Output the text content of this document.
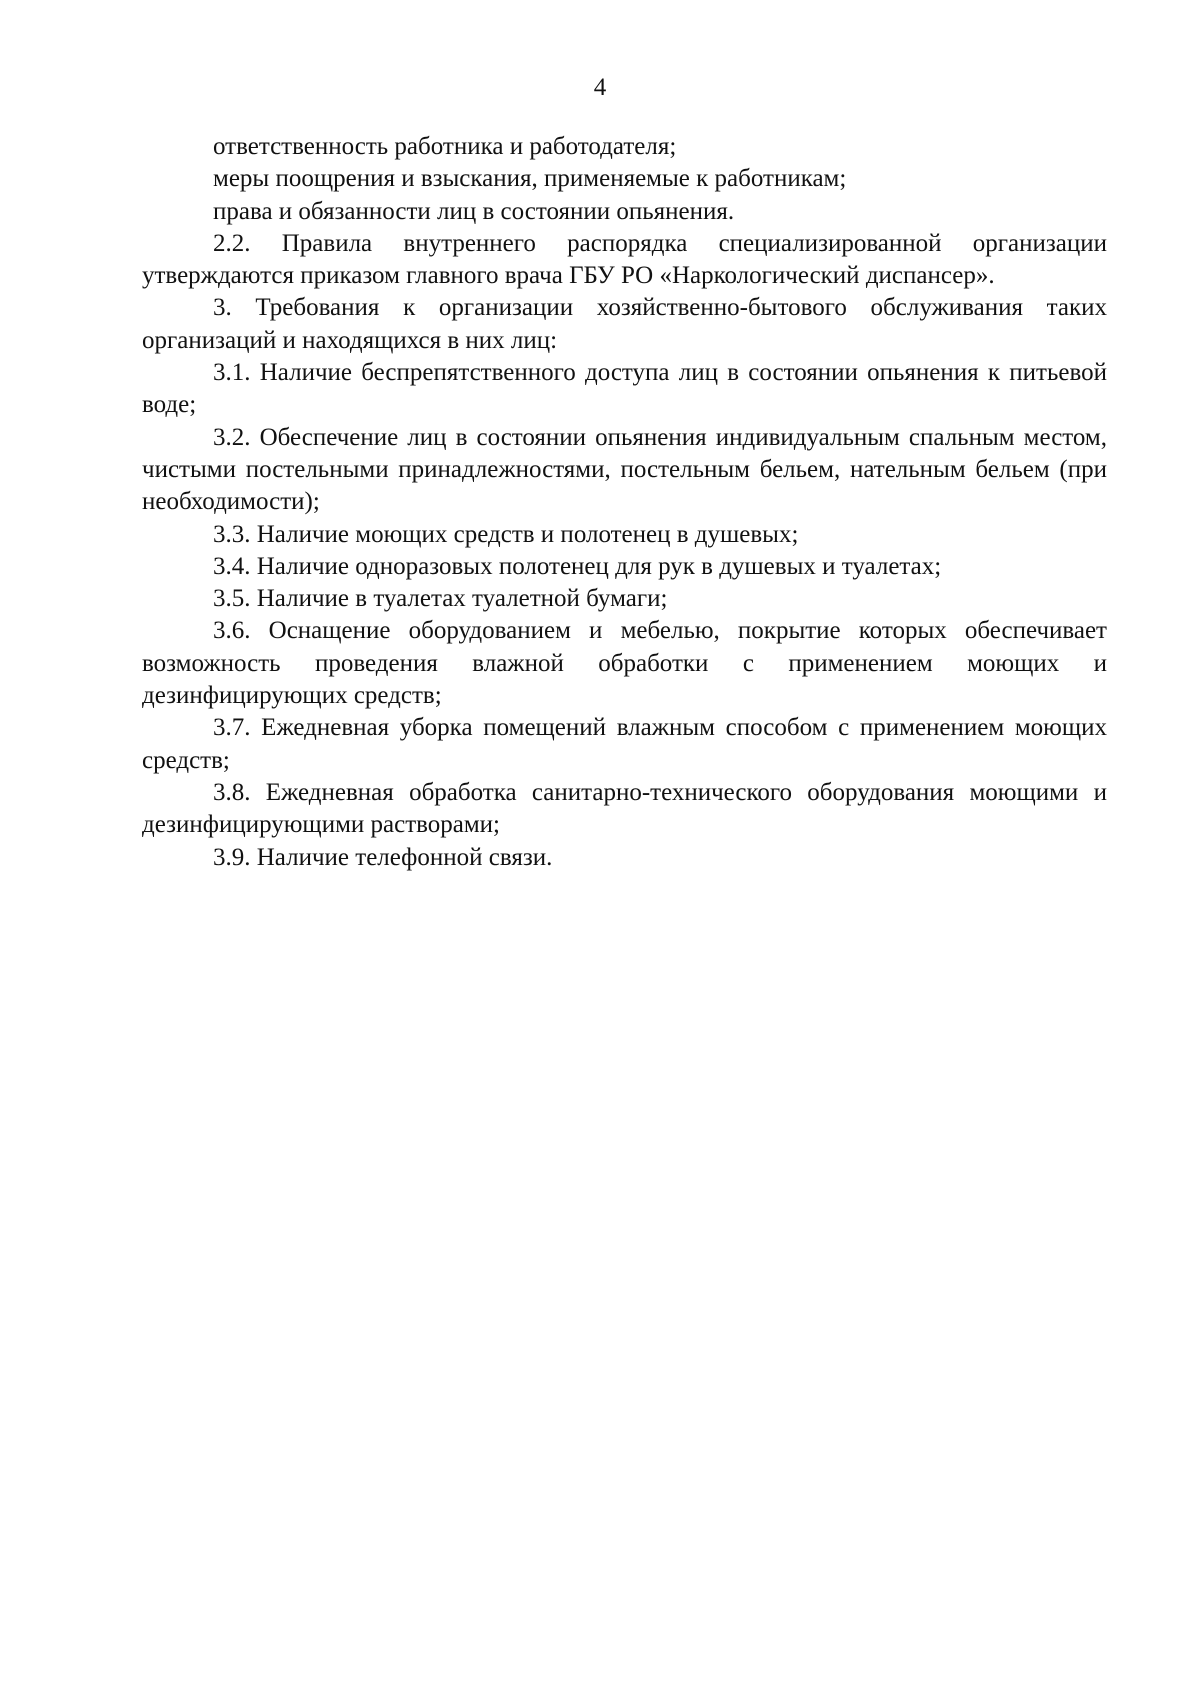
4

ответственность работника и работодателя;

меры поощрения и взыскания, применяемые к работникам;

права и обязанности лиц в состоянии опьянения.

2.2. Правила внутреннего распорядка специализированной организации утверждаются приказом главного врача ГБУ РО «Наркологический диспансер».

3. Требования к организации хозяйственно-бытового обслуживания таких организаций и находящихся в них лиц:

3.1. Наличие беспрепятственного доступа лиц в состоянии опьянения к питьевой воде;

3.2. Обеспечение лиц в состоянии опьянения индивидуальным спальным местом, чистыми постельными принадлежностями, постельным бельем, нательным бельем (при необходимости);

3.3. Наличие моющих средств и полотенец в душевых;

3.4. Наличие одноразовых полотенец для рук в душевых и туалетах;

3.5. Наличие в туалетах туалетной бумаги;

3.6. Оснащение оборудованием и мебелью, покрытие которых обеспечивает возможность проведения влажной обработки с применением моющих и дезинфицирующих средств;

3.7. Ежедневная уборка помещений влажным способом с применением моющих средств;

3.8. Ежедневная обработка санитарно-технического оборудования моющими и дезинфицирующими растворами;

3.9. Наличие телефонной связи.
